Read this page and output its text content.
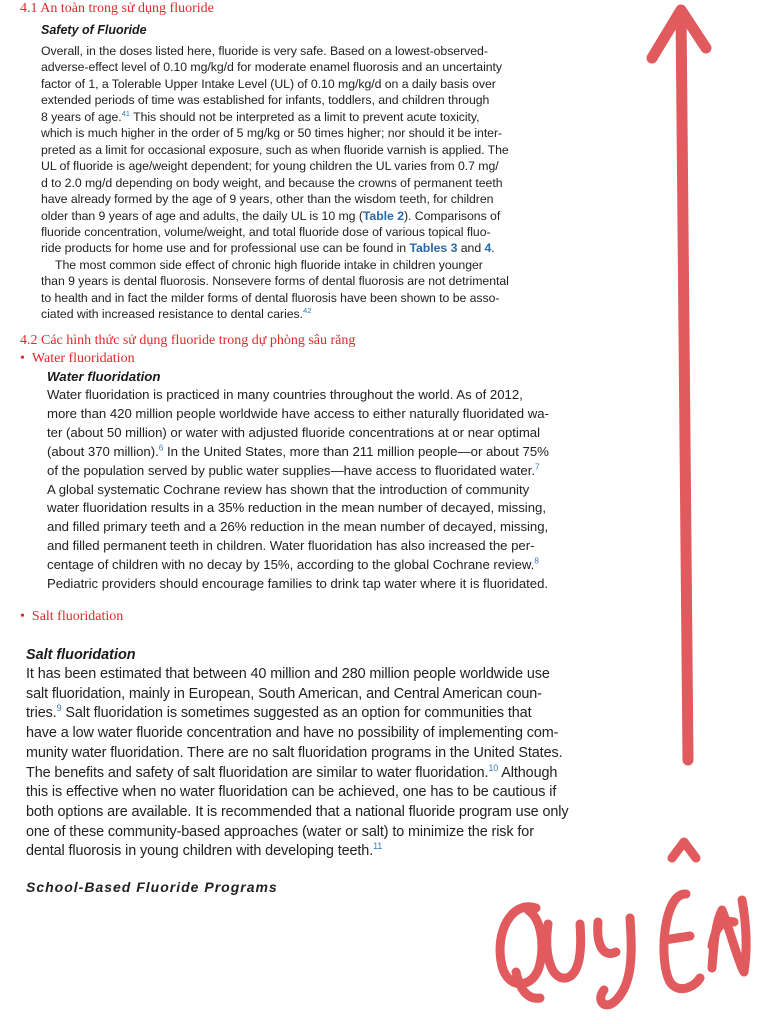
4.1 An toàn trong sử dụng fluoride
Safety of Fluoride
Overall, in the doses listed here, fluoride is very safe. Based on a lowest-observed-
adverse-effect level of 0.10 mg/kg/d for moderate enamel fluorosis and an uncertainty
factor of 1, a Tolerable Upper Intake Level (UL) of 0.10 mg/kg/d on a daily basis over
extended periods of time was established for infants, toddlers, and children through
8 years of age.$^{41}$ This should not be interpreted as a limit to prevent acute toxicity,
which is much higher in the order of 5 mg/kg or 50 times higher; nor should it be inter-
preted as a limit for occasional exposure, such as when fluoride varnish is applied. The
UL of fluoride is age/weight dependent; for young children the UL varies from 0.7 mg/
d to 2.0 mg/d depending on body weight, and because the crowns of permanent teeth
have already formed by the age of 9 years, other than the wisdom teeth, for children
older than 9 years of age and adults, the daily UL is 10 mg (Table 2). Comparisons of
fluoride concentration, volume/weight, and total fluoride dose of various topical fluo-
ride products for home use and for professional use can be found in Tables 3 and 4.
The most common side effect of chronic high fluoride intake in children younger
than 9 years is dental fluorosis. Nonsevere forms of dental fluorosis are not detrimental
to health and in fact the milder forms of dental fluorosis have been shown to be asso-
ciated with increased resistance to dental caries.$^{42}$
4.2 Các hình thức sử dụng fluoride trong dự phòng sâu răng
• Water fluoridation
Water fluoridation
Water fluoridation is practiced in many countries throughout the world. As of 2012,
more than 420 million people worldwide have access to either naturally fluoridated wa-
ter (about 50 million) or water with adjusted fluoride concentrations at or near optimal
(about 370 million).$^6$ In the United States, more than 211 million people—or about 75%
of the population served by public water supplies—have access to fluoridated water.$^7$
A global systematic Cochrane review has shown that the introduction of community
water fluoridation results in a 35% reduction in the mean number of decayed, missing,
and filled primary teeth and a 26% reduction in the mean number of decayed, missing,
and filled permanent teeth in children. Water fluoridation has also increased the per-
centage of children with no decay by 15%, according to the global Cochrane review.$^8$
Pediatric providers should encourage families to drink tap water where it is fluoridated.
• Salt fluoridation
Salt fluoridation
It has been estimated that between 40 million and 280 million people worldwide use
salt fluoridation, mainly in European, South American, and Central American coun-
tries.$^9$ Salt fluoridation is sometimes suggested as an option for communities that
have a low water fluoride concentration and have no possibility of implementing com-
munity water fluoridation. There are no salt fluoridation programs in the United States.
The benefits and safety of salt fluoridation are similar to water fluoridation.$^{10}$ Although
this is effective when no water fluoridation can be achieved, one has to be cautious if
both options are available. It is recommended that a national fluoride program use only
one of these community-based approaches (water or salt) to minimize the risk for
dental fluorosis in young children with developing teeth.$^{11}$
School-Based Fluoride Programs
QUYẾN
